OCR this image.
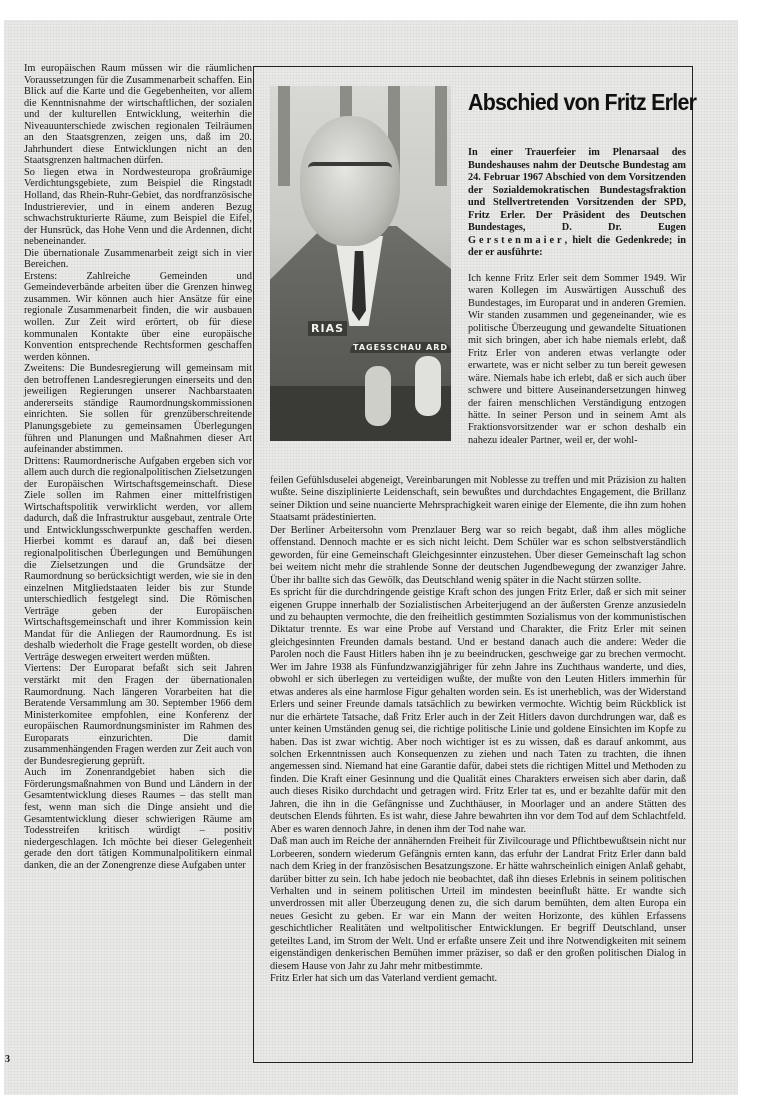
Im europäischen Raum müssen wir die räumlichen Voraussetzungen für die Zusammenarbeit schaffen. Ein Blick auf die Karte und die Gegebenheiten, vor allem die Kenntnisnahme der wirtschaftlichen, der sozialen und der kulturellen Entwicklung, weiterhin die Niveauunterschiede zwischen regionalen Teilräumen an den Staatsgrenzen, zeigen uns, daß im 20. Jahrhundert diese Entwicklungen nicht an den Staatsgrenzen haltmachen dürfen.

So liegen etwa in Nordwesteuropa großräumige Verdichtungsgebiete, zum Beispiel die Ringstadt Holland, das Rhein-Ruhr-Gebiet, das nordfranzösische Industrierevier, und in einem anderen Bezug schwachstrukturierte Räume, zum Beispiel die Eifel, der Hunsrück, das Hohe Venn und die Ardennen, dicht nebeneinander.

Die übernationale Zusammenarbeit zeigt sich in vier Bereichen.

Erstens: Zahlreiche Gemeinden und Gemeindeverbände arbeiten über die Grenzen hinweg zusammen. Wir können auch hier Ansätze für eine regionale Zusammenarbeit finden, die wir ausbauen wollen. Zur Zeit wird erörtert, ob für diese kommunalen Kontakte über eine europäische Konvention entsprechende Rechtsformen geschaffen werden können.

Zweitens: Die Bundesregierung will gemeinsam mit den betroffenen Landesregierungen einerseits und den jeweiligen Regierungen unserer Nachbarstaaten andererseits ständige Raumordnungskommissionen einrichten. Sie sollen für grenzüberschreitende Planungsgebiete zu gemeinsamen Überlegungen führen und Planungen und Maßnahmen dieser Art aufeinander abstimmen.

Drittens: Raumordnerische Aufgaben ergeben sich vor allem auch durch die regionalpolitischen Zielsetzungen der Europäischen Wirtschaftsgemeinschaft. Diese Ziele sollen im Rahmen einer mittelfristigen Wirtschaftspolitik verwirklicht werden, vor allem dadurch, daß die Infrastruktur ausgebaut, zentrale Orte und Entwicklungsschwerpunkte geschaffen werden. Hierbei kommt es darauf an, daß bei diesen regionalpolitischen Überlegungen und Bemühungen die Zielsetzungen und die Grundsätze der Raumordnung so berücksichtigt werden, wie sie in den einzelnen Mitgliedstaaten leider bis zur Stunde unterschiedlich festgelegt sind. Die Römischen Verträge geben der Europäischen Wirtschaftsgemeinschaft und ihrer Kommission kein Mandat für die Anliegen der Raumordnung. Es ist deshalb wiederholt die Frage gestellt worden, ob diese Verträge deswegen erweitert werden müßten.

Viertens: Der Europarat befaßt sich seit Jahren verstärkt mit den Fragen der übernationalen Raumordnung. Nach längeren Vorarbeiten hat die Beratende Versammlung am 30. September 1966 dem Ministerkomitee empfohlen, eine Konferenz der europäischen Raumordnungsminister im Rahmen des Europarats einzurichten. Die damit zusammenhängenden Fragen werden zur Zeit auch von der Bundesregierung geprüft.

Auch im Zonenrandgebiet haben sich die Förderungsmaßnahmen von Bund und Ländern in der Gesamtentwicklung dieses Raumes – das stellt man fest, wenn man sich die Dinge ansieht und die Gesamtentwicklung dieser schwierigen Räume am Todesstreifen kritisch würdigt – positiv niedergeschlagen. Ich möchte bei dieser Gelegenheit gerade den dort tätigen Kommunalpolitikern einmal danken, die an der Zonengrenze diese Aufgaben unter

3
RIAS
TAGESSCHAU ARD
Abschied von Fritz Erler

In einer Trauerfeier im Plenarsaal des Bundeshauses nahm der Deutsche Bundestag am 24. Februar 1967 Abschied von dem Vorsitzenden der Sozialdemokratischen Bundestagsfraktion und Stellvertretenden Vorsitzenden der SPD, Fritz Erler. Der Präsident des Deutschen Bundestages, D. Dr. Eugen Gerstenmaier, hielt die Gedenkrede; in der er ausführte:

Ich kenne Fritz Erler seit dem Sommer 1949. Wir waren Kollegen im Auswärtigen Ausschuß des Bundestages, im Europarat und in anderen Gremien. Wir standen zusammen und gegeneinander, wie es politische Überzeugung und gewandelte Situationen mit sich bringen, aber ich habe niemals erlebt, daß Fritz Erler von anderen etwas verlangte oder erwartete, was er nicht selber zu tun bereit gewesen wäre. Niemals habe ich erlebt, daß er sich auch über schwere und bittere Auseinandersetzungen hinweg der fairen menschlichen Verständigung entzogen hätte. In seiner Person und in seinem Amt als Fraktionsvorsitzender war er schon deshalb ein nahezu idealer Partner, weil er, der wohl-

feilen Gefühlsduselei abgeneigt, Vereinbarungen mit Noblesse zu treffen und mit Präzision zu halten wußte. Seine disziplinierte Leidenschaft, sein bewußtes und durchdachtes Engagement, die Brillanz seiner Diktion und seine nuancierte Mehrsprachigkeit waren einige der Elemente, die ihn zum hohen Staatsamt prädestinierten.

Der Berliner Arbeitersohn vom Prenzlauer Berg war so reich begabt, daß ihm alles mögliche offenstand. Dennoch machte er es sich nicht leicht. Dem Schüler war es schon selbstverständlich geworden, für eine Gemeinschaft Gleichgesinnter einzustehen. Über dieser Gemeinschaft lag schon bei weitem nicht mehr die strahlende Sonne der deutschen Jugendbewegung der zwanziger Jahre. Über ihr ballte sich das Gewölk, das Deutschland wenig später in die Nacht stürzen sollte.

Es spricht für die durchdringende geistige Kraft schon des jungen Fritz Erler, daß er sich mit seiner eigenen Gruppe innerhalb der Sozialistischen Arbeiterjugend an der äußersten Grenze anzusiedeln und zu behaupten vermochte, die den freiheitlich gestimmten Sozialismus von der kommunistischen Diktatur trennte. Es war eine Probe auf Verstand und Charakter, die Fritz Erler mit seinen gleichgesinnten Freunden damals bestand. Und er bestand danach auch die andere: Weder die Parolen noch die Faust Hitlers haben ihn je zu beeindrucken, geschweige gar zu brechen vermocht. Wer im Jahre 1938 als Fünfundzwanzigjähriger für zehn Jahre ins Zuchthaus wanderte, und dies, obwohl er sich überlegen zu verteidigen wußte, der mußte von den Leuten Hitlers immerhin für etwas anderes als eine harmlose Figur gehalten worden sein. Es ist unerheblich, was der Widerstand Erlers und seiner Freunde damals tatsächlich zu bewirken vermochte. Wichtig beim Rückblick ist nur die erhärtete Tatsache, daß Fritz Erler auch in der Zeit Hitlers davon durchdrungen war, daß es unter keinen Umständen genug sei, die richtige politische Linie und goldene Einsichten im Kopfe zu haben. Das ist zwar wichtig. Aber noch wichtiger ist es zu wissen, daß es darauf ankommt, aus solchen Erkenntnissen auch Konsequenzen zu ziehen und nach Taten zu trachten, die ihnen angemessen sind. Niemand hat eine Garantie dafür, dabei stets die richtigen Mittel und Methoden zu finden. Die Kraft einer Gesinnung und die Qualität eines Charakters erweisen sich aber darin, daß auch dieses Risiko durchdacht und getragen wird. Fritz Erler tat es, und er bezahlte dafür mit den Jahren, die ihn in die Gefängnisse und Zuchthäuser, in Moorlager und an andere Stätten des deutschen Elends führten. Es ist wahr, diese Jahre bewahrten ihn vor dem Tod auf dem Schlachtfeld. Aber es waren dennoch Jahre, in denen ihm der Tod nahe war.

Daß man auch im Reiche der annähernden Freiheit für Zivilcourage und Pflichtbewußtsein nicht nur Lorbeeren, sondern wiederum Gefängnis ernten kann, das erfuhr der Landrat Fritz Erler dann bald nach dem Krieg in der französischen Besatzungszone. Er hätte wahrscheinlich einigen Anlaß gehabt, darüber bitter zu sein. Ich habe jedoch nie beobachtet, daß ihn dieses Erlebnis in seinem politischen Verhalten und in seinem politischen Urteil im mindesten beeinflußt hätte. Er wandte sich unverdrossen mit aller Überzeugung denen zu, die sich darum bemühten, dem alten Europa ein neues Gesicht zu geben. Er war ein Mann der weiten Horizonte, des kühlen Erfassens geschichtlicher Realitäten und weltpolitischer Entwicklungen. Er begriff Deutschland, unser geteiltes Land, im Strom der Welt. Und er erfaßte unsere Zeit und ihre Notwendigkeiten mit seinem eigenständigen denkerischen Bemühen immer präziser, so daß er den großen politischen Dialog in diesem Hause von Jahr zu Jahr mehr mitbestimmte.

Fritz Erler hat sich um das Vaterland verdient gemacht.
